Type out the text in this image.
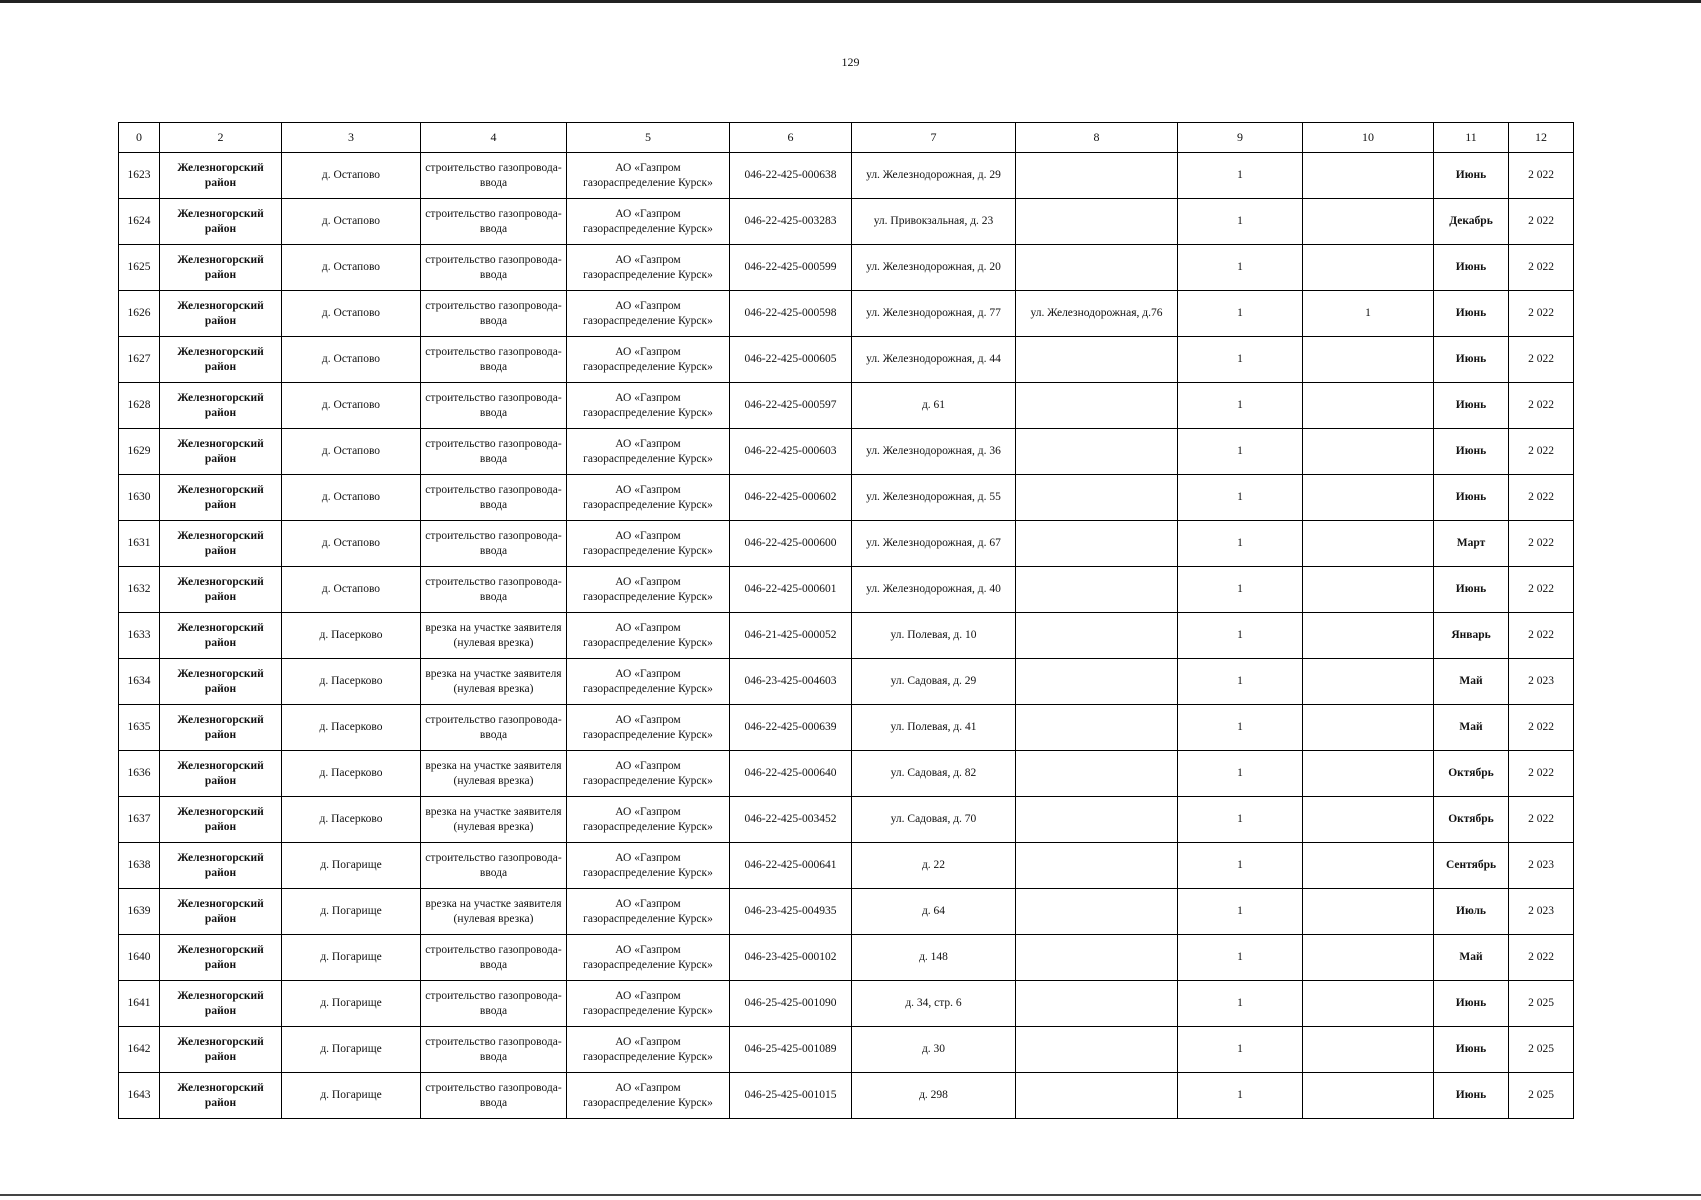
129
0	2	3	4	5	6	7	8	9	10	11	12
1623	Железногорский район	д. Остапово	строительство газопровода-ввода	АО «Газпром газораспределение Курск»	046-22-425-000638	ул. Железнодорожная, д. 29		1		Июнь	2 022
1624	Железногорский район	д. Остапово	строительство газопровода-ввода	АО «Газпром газораспределение Курск»	046-22-425-003283	ул. Привокзальная, д. 23		1		Декабрь	2 022
1625	Железногорский район	д. Остапово	строительство газопровода-ввода	АО «Газпром газораспределение Курск»	046-22-425-000599	ул. Железнодорожная, д. 20		1		Июнь	2 022
1626	Железногорский район	д. Остапово	строительство газопровода-ввода	АО «Газпром газораспределение Курск»	046-22-425-000598	ул. Железнодорожная, д. 77	ул. Железнодорожная, д.76	1	1	Июнь	2 022
1627	Железногорский район	д. Остапово	строительство газопровода-ввода	АО «Газпром газораспределение Курск»	046-22-425-000605	ул. Железнодорожная, д. 44		1		Июнь	2 022
1628	Железногорский район	д. Остапово	строительство газопровода-ввода	АО «Газпром газораспределение Курск»	046-22-425-000597	д. 61		1		Июнь	2 022
1629	Железногорский район	д. Остапово	строительство газопровода-ввода	АО «Газпром газораспределение Курск»	046-22-425-000603	ул. Железнодорожная, д. 36		1		Июнь	2 022
1630	Железногорский район	д. Остапово	строительство газопровода-ввода	АО «Газпром газораспределение Курск»	046-22-425-000602	ул. Железнодорожная, д. 55		1		Июнь	2 022
1631	Железногорский район	д. Остапово	строительство газопровода-ввода	АО «Газпром газораспределение Курск»	046-22-425-000600	ул. Железнодорожная, д. 67		1		Март	2 022
1632	Железногорский район	д. Остапово	строительство газопровода-ввода	АО «Газпром газораспределение Курск»	046-22-425-000601	ул. Железнодорожная, д. 40		1		Июнь	2 022
1633	Железногорский район	д. Пасерково	врезка на участке заявителя (нулевая врезка)	АО «Газпром газораспределение Курск»	046-21-425-000052	ул. Полевая, д. 10		1		Январь	2 022
1634	Железногорский район	д. Пасерково	врезка на участке заявителя (нулевая врезка)	АО «Газпром газораспределение Курск»	046-23-425-004603	ул. Садовая, д. 29		1		Май	2 023
1635	Железногорский район	д. Пасерково	строительство газопровода-ввода	АО «Газпром газораспределение Курск»	046-22-425-000639	ул. Полевая, д. 41		1		Май	2 022
1636	Железногорский район	д. Пасерково	врезка на участке заявителя (нулевая врезка)	АО «Газпром газораспределение Курск»	046-22-425-000640	ул. Садовая, д. 82		1		Октябрь	2 022
1637	Железногорский район	д. Пасерково	врезка на участке заявителя (нулевая врезка)	АО «Газпром газораспределение Курск»	046-22-425-003452	ул. Садовая, д. 70		1		Октябрь	2 022
1638	Железногорский район	д. Погарище	строительство газопровода-ввода	АО «Газпром газораспределение Курск»	046-22-425-000641	д. 22		1		Сентябрь	2 023
1639	Железногорский район	д. Погарище	врезка на участке заявителя (нулевая врезка)	АО «Газпром газораспределение Курск»	046-23-425-004935	д. 64		1		Июль	2 023
1640	Железногорский район	д. Погарище	строительство газопровода-ввода	АО «Газпром газораспределение Курск»	046-23-425-000102	д. 148		1		Май	2 022
1641	Железногорский район	д. Погарище	строительство газопровода-ввода	АО «Газпром газораспределение Курск»	046-25-425-001090	д. 34, стр. 6		1		Июнь	2 025
1642	Железногорский район	д. Погарище	строительство газопровода-ввода	АО «Газпром газораспределение Курск»	046-25-425-001089	д. 30		1		Июнь	2 025
1643	Железногорский район	д. Погарище	строительство газопровода-ввода	АО «Газпром газораспределение Курск»	046-25-425-001015	д. 298		1		Июнь	2 025
